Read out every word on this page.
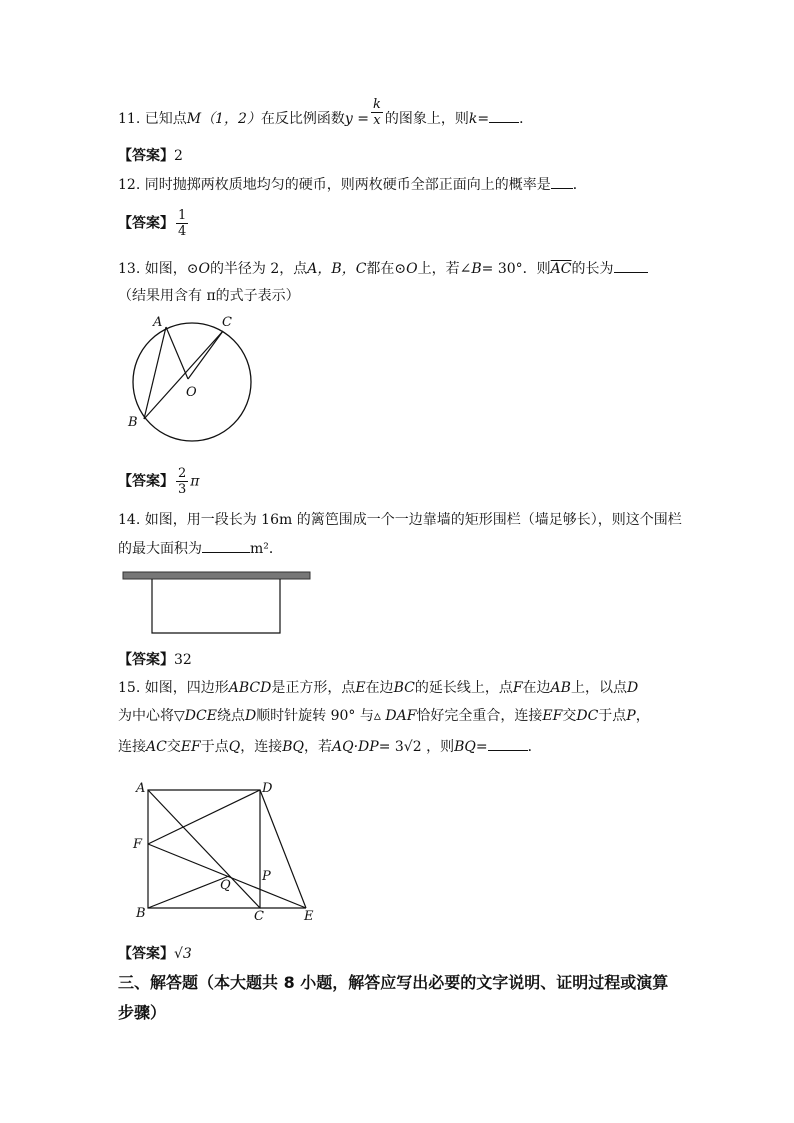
11. 已知点M（1，2）在反比例函数$y = \frac{k}{x}$ 的图象上，则k= ．
【答案】2
12. 同时抛掷两枚质地均匀的硬币，则两枚硬币全部正面向上的概率是 ．
【答案】 $\frac{1}{4}$
13. 如图，⊙O的半径为 2，点A，B，C都在⊙O上，若∠B= 30°．则$\overline{AC}$的长为
（结果用含有 π的式子表示）
A	C
O
B
【答案】 $\frac{2}{3}$ π
14. 如图，用一段长为 16m 的篱笆围成一个一边靠墙的矩形围栏（墙足够长），则这个围栏
的最大面积为	m²．
【答案】32
15. 如图，四边形ABCD是正方形，点E在边BC的延长线上，点F在边AB上，以点D
为中心将▽DCE绕点D顺时针旋转 90° 与▵ DAF恰好完全重合，连接EF交DC于点P，
连接AC交EF于点Q，连接BQ，若AQ·DP= 3√2 ，则BQ=	．
A	D
F
Q
P
B	C	E
【答案】√3
三、解答题（本大题共 8 小题，解答应写出必要的文字说明、证明过程或演算步骤）
